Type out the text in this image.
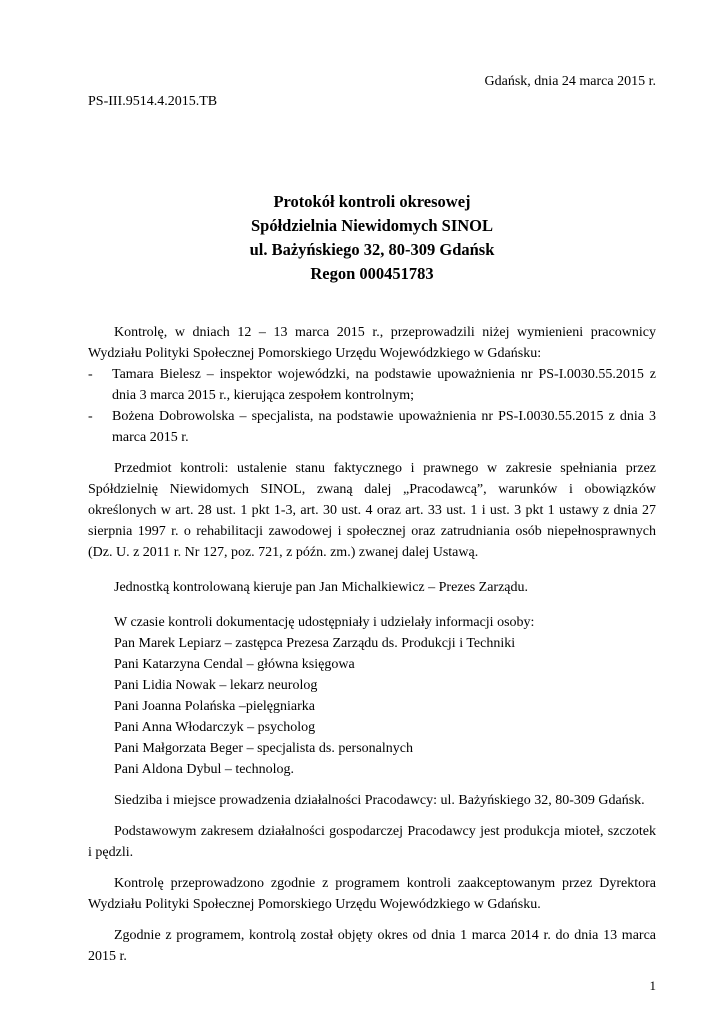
Gdańsk, dnia 24 marca 2015 r.
PS-III.9514.4.2015.TB
Protokół kontroli okresowej
Spółdzielnia Niewidomych SINOL
ul. Bażyńskiego 32, 80-309 Gdańsk
Regon 000451783

Kontrolę, w dniach 12 – 13 marca 2015 r., przeprowadzili niżej wymienieni pracownicy Wydziału Polityki Społecznej Pomorskiego Urzędu Wojewódzkiego w Gdańsku:

- Tamara Bielesz – inspektor wojewódzki, na podstawie upoważnienia nr PS-I.0030.55.2015 z dnia 3 marca 2015 r., kierująca zespołem kontrolnym;
- Bożena Dobrowolska – specjalista, na podstawie upoważnienia nr PS-I.0030.55.2015 z dnia 3 marca 2015 r.

Przedmiot kontroli: ustalenie stanu faktycznego i prawnego w zakresie spełniania przez Spółdzielnię Niewidomych SINOL, zwaną dalej „Pracodawcą”, warunków i obowiązków określonych w art. 28 ust. 1 pkt 1-3, art. 30 ust. 4 oraz art. 33 ust. 1 i ust. 3 pkt 1 ustawy z dnia 27 sierpnia 1997 r. o rehabilitacji zawodowej i społecznej oraz zatrudniania osób niepełnosprawnych (Dz. U. z 2011 r. Nr 127, poz. 721, z późn. zm.) zwanej dalej Ustawą.

Jednostką kontrolowaną kieruje pan Jan Michalkiewicz – Prezes Zarządu.

W czasie kontroli dokumentację udostępniały i udzielały informacji osoby:

Pan Marek Lepiarz – zastępca Prezesa Zarządu ds. Produkcji i Techniki
Pani Katarzyna Cendal – główna księgowa
Pani Lidia Nowak – lekarz neurolog
Pani Joanna Polańska –pielęgniarka
Pani Anna Włodarczyk – psycholog
Pani Małgorzata Beger – specjalista ds. personalnych
Pani Aldona Dybul – technolog.

Siedziba i miejsce prowadzenia działalności Pracodawcy: ul. Bażyńskiego 32, 80-309 Gdańsk.

Podstawowym zakresem działalności gospodarczej Pracodawcy jest produkcja mioteł, szczotek i pędzli.

Kontrolę przeprowadzono zgodnie z programem kontroli zaakceptowanym przez Dyrektora Wydziału Polityki Społecznej Pomorskiego Urzędu Wojewódzkiego w Gdańsku.

Zgodnie z programem, kontrolą został objęty okres od dnia 1 marca 2014 r. do dnia 13 marca 2015 r.

1
